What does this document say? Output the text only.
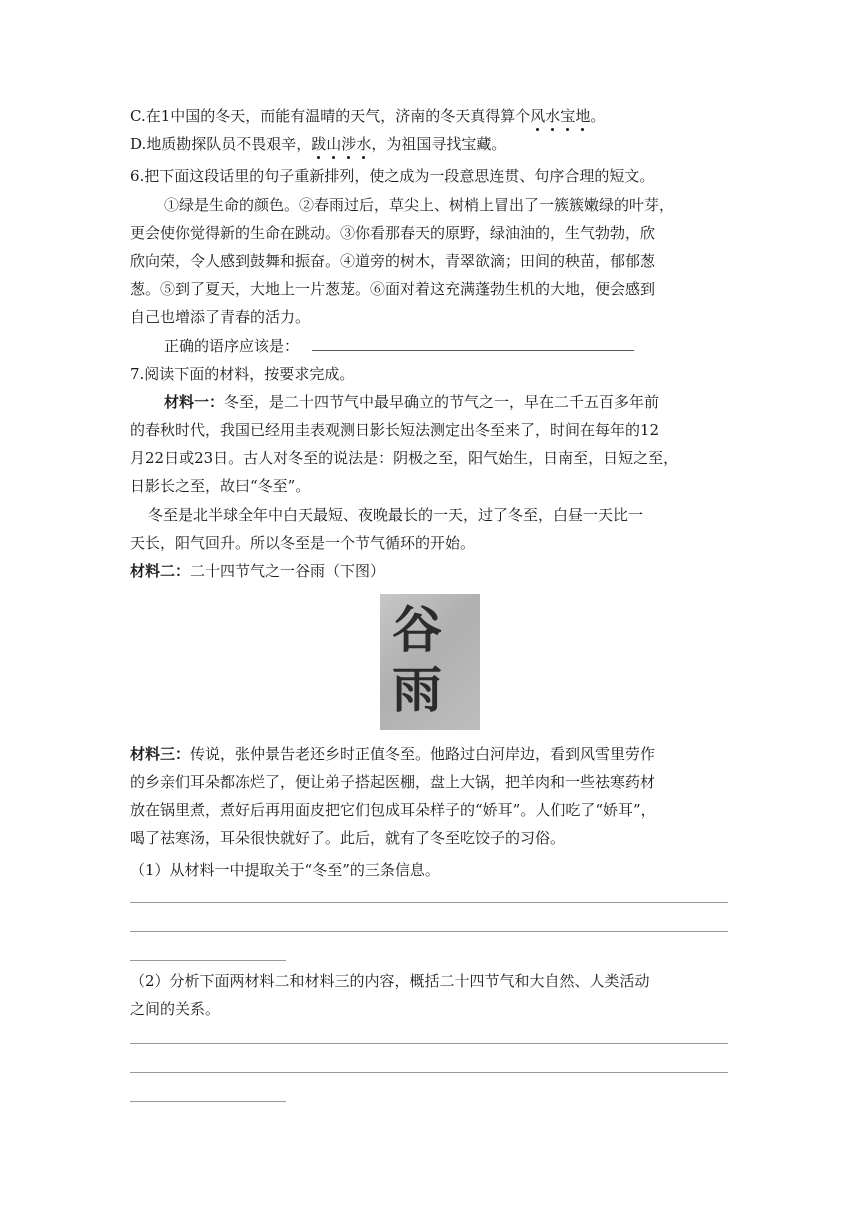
C.在1中国的冬天，而能有温晴的天气，济南的冬天真得算个风水宝地。
D.地质勘探队员不畏艰辛，跋山涉水，为祖国寻找宝藏。
6.把下面这段话里的句子重新排列，使之成为一段意思连贯、句序合理的短文。
①绿是生命的颜色。②春雨过后，草尖上、树梢上冒出了一簇簇嫩绿的叶芽，
更会使你觉得新的生命在跳动。③你看那春天的原野，绿油油的，生气勃勃，欣
欣向荣，令人感到鼓舞和振奋。④道旁的树木，青翠欲滴；田间的秧苗，郁郁葱
葱。⑤到了夏天，大地上一片葱茏。⑥面对着这充满蓬勃生机的大地，便会感到
自己也增添了青春的活力。
正确的语序应该是：
7.阅读下面的材料，按要求完成。
材料一：冬至，是二十四节气中最早确立的节气之一，早在二千五百多年前
的春秋时代，我国已经用圭表观测日影长短法测定出冬至来了，时间在每年的12
月22日或23日。古人对冬至的说法是：阴极之至，阳气始生，日南至，日短之至，
日影长之至，故曰“冬至”。
冬至是北半球全年中白天最短、夜晚最长的一天，过了冬至，白昼一天比一
天长，阳气回升。所以冬至是一个节气循环的开始。
材料二：二十四节气之一谷雨（下图）
谷
雨
材料三：传说，张仲景告老还乡时正值冬至。他路过白河岸边，看到风雪里劳作
的乡亲们耳朵都冻烂了，便让弟子搭起医棚，盘上大锅，把羊肉和一些祛寒药材
放在锅里煮，煮好后再用面皮把它们包成耳朵样子的“娇耳”。人们吃了“娇耳”，
喝了祛寒汤，耳朵很快就好了。此后，就有了冬至吃饺子的习俗。
（1）从材料一中提取关于“冬至”的三条信息。
（2）分析下面两材料二和材料三的内容，概括二十四节气和大自然、人类活动
之间的关系。
